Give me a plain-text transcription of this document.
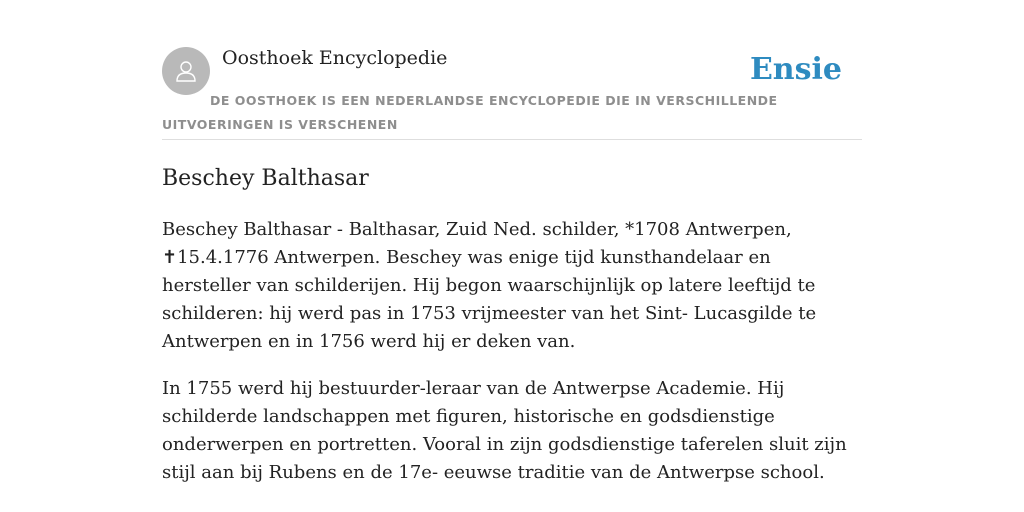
Oosthoek Encyclopedie	Ensie
DE OOSTHOEK IS EEN NEDERLANDSE ENCYCLOPEDIE DIE IN VERSCHILLENDE UITVOERINGEN IS VERSCHENEN
Beschey Balthasar

Beschey Balthasar - Balthasar, Zuid Ned. schilder, *1708 Antwerpen, ✝15.4.1776 Antwerpen. Beschey was enige tijd kunsthandelaar en hersteller van schilderijen. Hij begon waarschijnlijk op latere leeftijd te schilderen: hij werd pas in 1753 vrijmeester van het Sint- Lucasgilde te Antwerpen en in 1756 werd hij er deken van.

In 1755 werd hij bestuurder-leraar van de Antwerpse Academie. Hij schilderde landschappen met figuren, historische en godsdienstige onderwerpen en portretten. Vooral in zijn godsdienstige taferelen sluit zijn stijl aan bij Rubens en de 17e- eeuwse traditie van de Antwerpse school.
